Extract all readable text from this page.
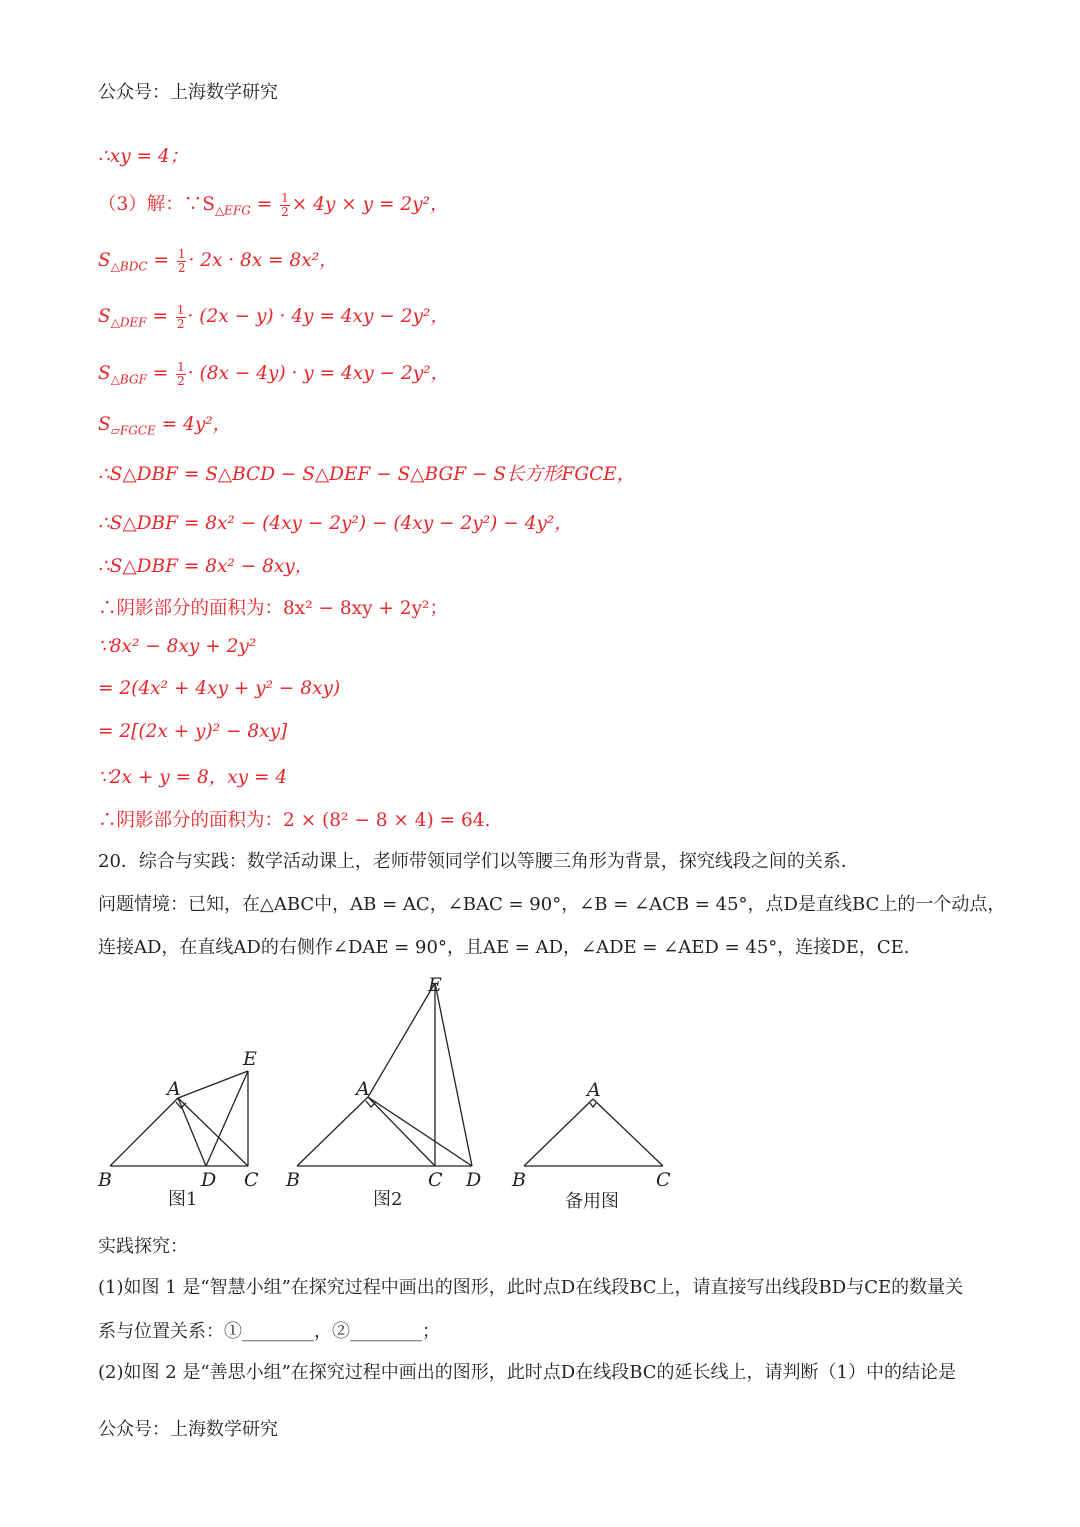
公众号：上海数学研究
∴xy = 4；
（3）解：$\because S_{\triangle EFG} = \frac{1}{2} \times 4y \times y = 2y^2$，
$S_{\triangle BDC} = \frac{1}{2} \cdot 2x \cdot 8x = 8x^2$，
$S_{\triangle DEF} = \frac{1}{2} \cdot (2x - y) \cdot 4y = 4xy - 2y^2$，
$S_{\triangle BGF} = \frac{1}{2} \cdot (8x - 4y) \cdot y = 4xy - 2y^2$，
$S_{▱FGCE} = 4y^2$，
∴S△DBF = S△BCD − S△DEF − S△BGF − S长方形FGCE，
∴S△DBF = 8x² − (4xy − 2y²) − (4xy − 2y²) − 4y²，
∴S△DBF = 8x² − 8xy，
∴阴影部分的面积为：8x² − 8xy + 2y²；
∵8x² − 8xy + 2y²
= 2(4x² + 4xy + y² − 8xy)
= 2[(2x + y)² − 8xy]
∵2x + y = 8，xy = 4
∴阴影部分的面积为：2 × (8² − 8 × 4) = 64.
20．综合与实践：数学活动课上，老师带领同学们以等腰三角形为背景，探究线段之间的关系．
问题情境：已知，在△ABC中，AB = AC，∠BAC = 90°，∠B = ∠ACB = 45°，点D是直线BC上的一个动点，
连接AD，在直线AD的右侧作∠DAE = 90°，且AE = AD，∠ADE = ∠AED = 45°，连接DE，CE.
B
A
D C
E
B
A
C D
E
B
A
C
图1	图2	备用图
实践探究：
(1)如图 1 是“智慧小组”在探究过程中画出的图形，此时点D在线段BC上，请直接写出线段BD与CE的数量关
系与位置关系：①________，②________；
(2)如图 2 是“善思小组”在探究过程中画出的图形，此时点D在线段BC的延长线上，请判断（1）中的结论是
公众号：上海数学研究
